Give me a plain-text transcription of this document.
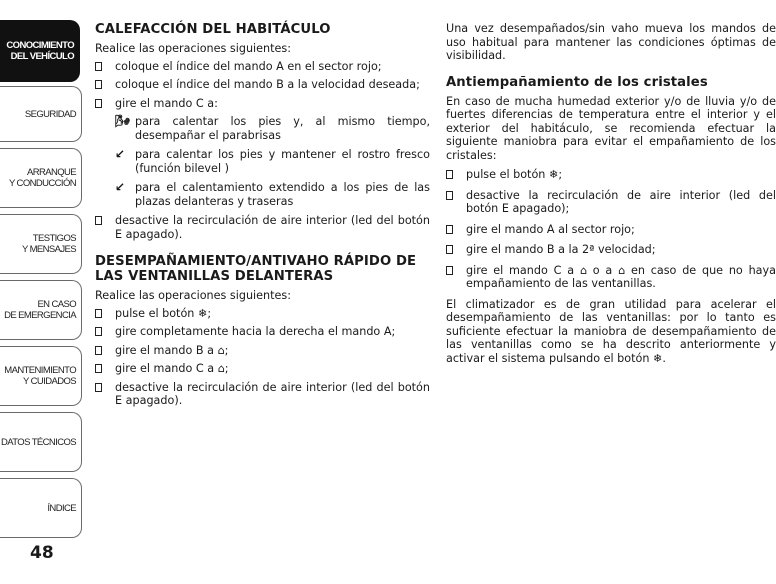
CONOCIMIENTO
DEL VEHÍCULO
SEGURIDAD
ARRANQUE
Y CONDUCCIÓN
TESTIGOS
Y MENSAJES
EN CASO
DE EMERGENCIA
MANTENIMIENTO
Y CUIDADOS
DATOS TÉCNICOS
ÍNDICE
48
CALEFACCIÓN DEL HABITÁCULO
Realice las operaciones siguientes:
coloque el índice del mando A en el sector rojo;
coloque el índice del mando B a la velocidad deseada;
gire el mando C a:
🌬 para calentar los pies y, al mismo tiempo, desempañar el parabrisas
↙ para calentar los pies y mantener el rostro fresco (función bilevel )
↙ para el calentamiento extendido a los pies de las plazas delanteras y traseras
desactive la recirculación de aire interior (led del botón E apagado).
DESEMPAÑAMIENTO/ANTIVAHO RÁPIDO DE LAS VENTANILLAS DELANTERAS
Realice las operaciones siguientes:
pulse el botón ❄;
gire completamente hacia la derecha el mando A;
gire el mando B a ⌂;
gire el mando C a ⌂;
desactive la recirculación de aire interior (led del botón E apagado).
Una vez desempañados/sin vaho mueva los mandos de uso habitual para mantener las condiciones óptimas de visibilidad.
Antiempañamiento de los cristales
En caso de mucha humedad exterior y/o de lluvia y/o de fuertes diferencias de temperatura entre el interior y el exterior del habitáculo, se recomienda efectuar la siguiente maniobra para evitar el empañamiento de los cristales:
pulse el botón ❄;
desactive la recirculación de aire interior (led del botón E apagado);
gire el mando A al sector rojo;
gire el mando B a la 2ª velocidad;
gire el mando C a ⌂ o a ⌂ en caso de que no haya empañamiento de las ventanillas.
El climatizador es de gran utilidad para acelerar el desempañamiento de las ventanillas: por lo tanto es suficiente efectuar la maniobra de desempañamiento de las ventanillas como se ha descrito anteriormente y activar el sistema pulsando el botón ❄.
